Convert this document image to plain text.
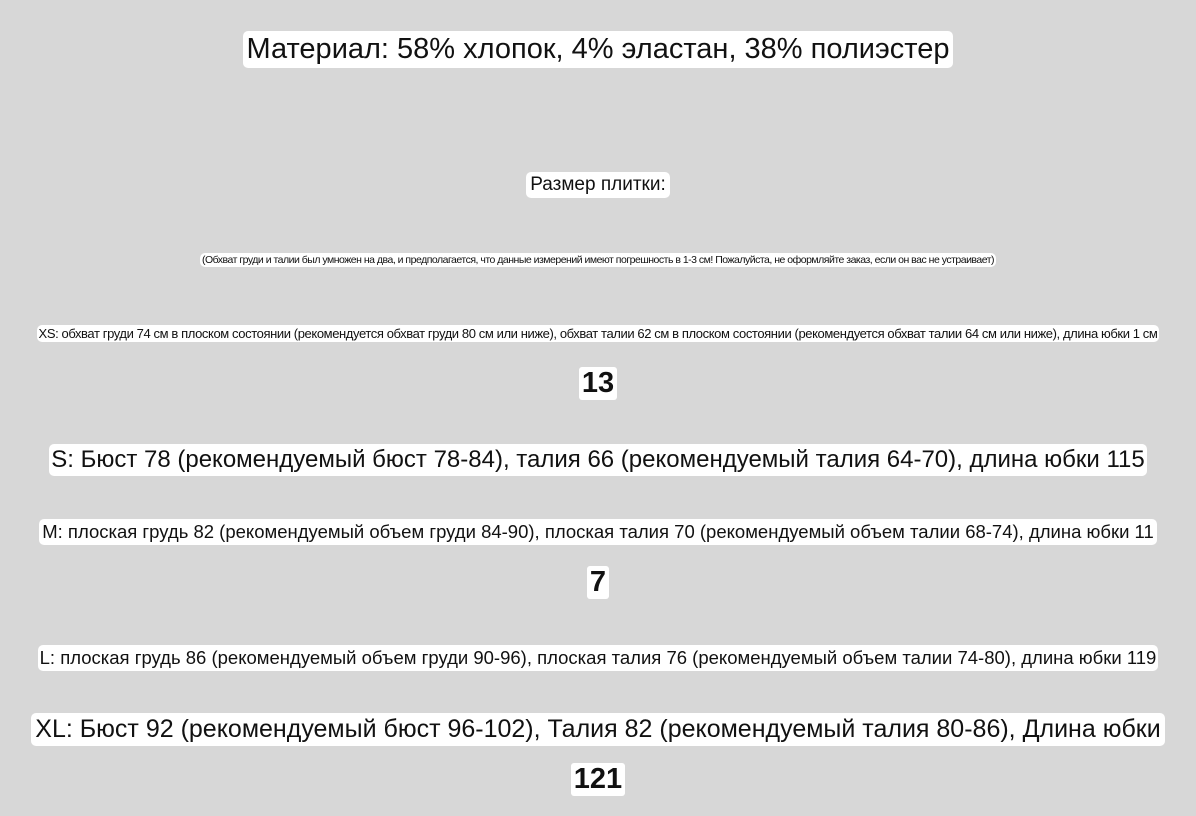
Материал: 58% хлопок, 4% эластан, 38% полиэстер
Размер плитки:
(Обхват груди и талии был умножен на два, и предполагается, что данные измерений имеют погрешность в 1-3 см! Пожалуйста, не оформляйте заказ, если он вас не устраивает)
XS: обхват груди 74 см в плоском состоянии (рекомендуется обхват груди 80 см или ниже), обхват талии 62 см в плоском состоянии (рекомендуется обхват талии 64 см или ниже), длина юбки 1 см
13
S: Бюст 78 (рекомендуемый бюст 78-84), талия 66 (рекомендуемый талия 64-70), длина юбки 115
M: плоская грудь 82 (рекомендуемый объем груди 84-90), плоская талия 70 (рекомендуемый объем талии 68-74), длина юбки 11
7
L: плоская грудь 86 (рекомендуемый объем груди 90-96), плоская талия 76 (рекомендуемый объем талии 74-80), длина юбки 119
XL: Бюст 92 (рекомендуемый бюст 96-102), Талия 82 (рекомендуемый талия 80-86), Длина юбки
121
